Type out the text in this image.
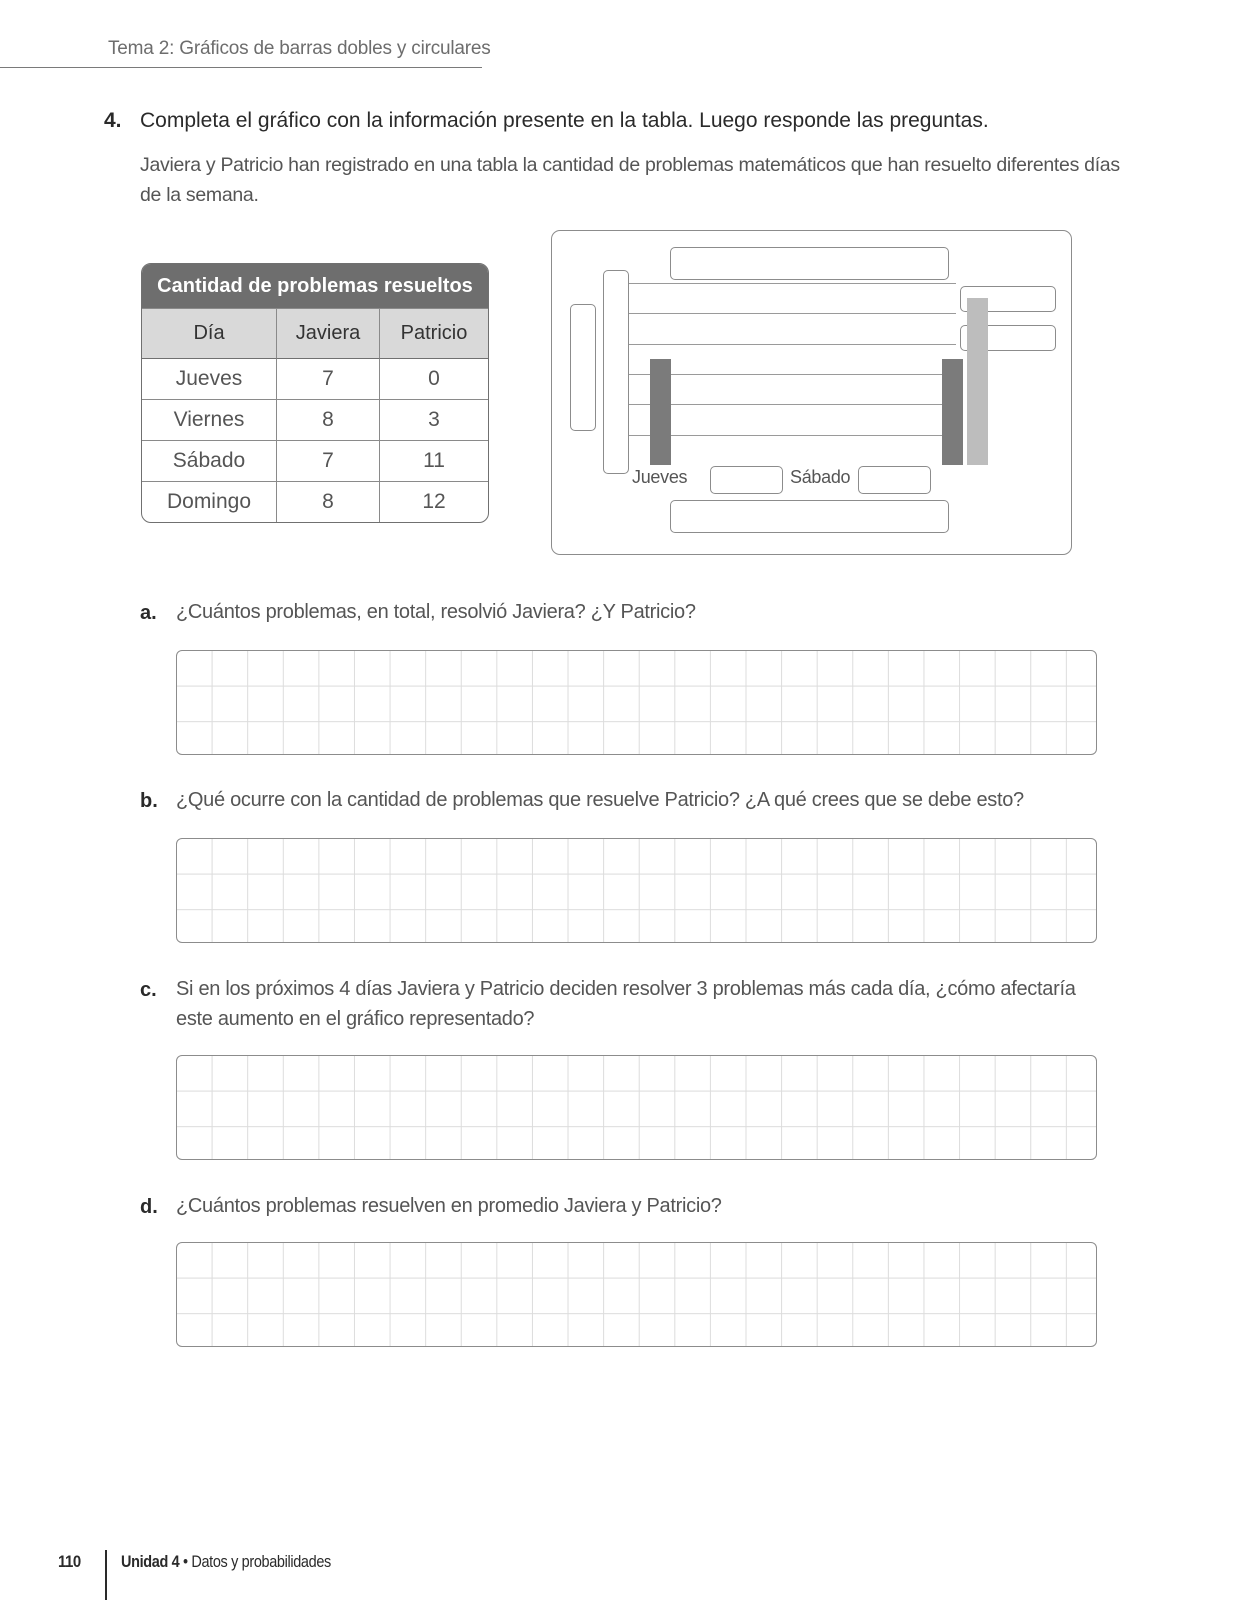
Tema 2: Gráficos de barras dobles y circulares
4. Completa el gráfico con la información presente en la tabla. Luego responde las preguntas.
Javiera y Patricio han registrado en una tabla la cantidad de problemas matemáticos que han resuelto diferentes días de la semana.
Cantidad de problemas resueltos		
Día	Javiera	Patricio
Jueves	7	0
Viernes	8	3
Sábado	7	11
Domingo	8	12
Jueves	Sábado
a. ¿Cuántos problemas, en total, resolvió Javiera? ¿Y Patricio?
b. ¿Qué ocurre con la cantidad de problemas que resuelve Patricio? ¿A qué crees que se debe esto?
c. Si en los próximos 4 días Javiera y Patricio deciden resolver 3 problemas más cada día, ¿cómo afectaría este aumento en el gráfico representado?
d. ¿Cuántos problemas resuelven en promedio Javiera y Patricio?
110 Unidad 4 • Datos y probabilidades
